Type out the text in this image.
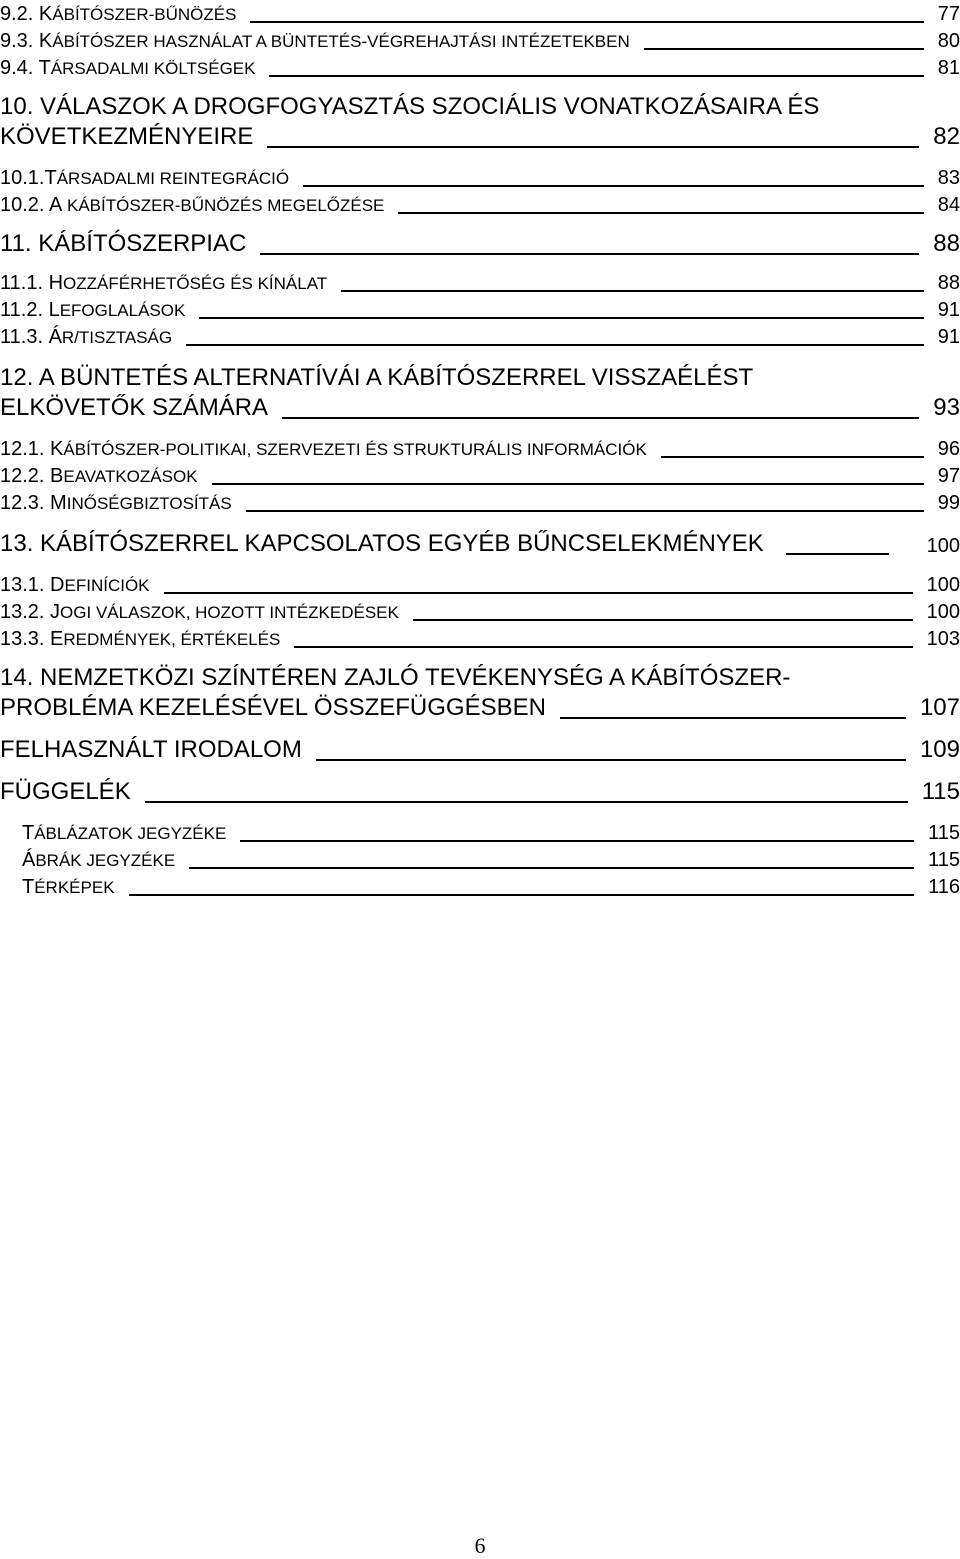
9.2. KÁBÍTÓSZER-BŰNÖZÉS	77
9.3. KÁBÍTÓSZER HASZNÁLAT A BÜNTETÉS-VÉGREHAJTÁSI INTÉZETEKBEN	80
9.4. TÁRSADALMI KÖLTSÉGEK	81
10. VÁLASZOK A DROGFOGYASZTÁS SZOCIÁLIS VONATKOZÁSAIRA ÉS
KÖVETKEZMÉNYEIRE	82
10.1.TÁRSADALMI REINTEGRÁCIÓ	83
10.2. A KÁBÍTÓSZER-BŰNÖZÉS MEGELŐZÉSE	84
11. KÁBÍTÓSZERPIAC	88
11.1. HOZZÁFÉRHETŐSÉG ÉS KÍNÁLAT	88
11.2. LEFOGLALÁSOK	91
11.3. ÁR/TISZTASÁG	91
12. A BÜNTETÉS ALTERNATÍVÁI A KÁBÍTÓSZERREL VISSZAÉLÉST
ELKÖVETŐK SZÁMÁRA	93
12.1. KÁBÍTÓSZER-POLITIKAI, SZERVEZETI ÉS STRUKTURÁLIS INFORMÁCIÓK	96
12.2. BEAVATKOZÁSOK	97
12.3. MINŐSÉGBIZTOSÍTÁS	99
13. KÁBÍTÓSZERREL KAPCSOLATOS EGYÉB BŰNCSELEKMÉNYEK	100
13.1. DEFINÍCIÓK	100
13.2. JOGI VÁLASZOK, HOZOTT INTÉZKEDÉSEK	100
13.3. EREDMÉNYEK, ÉRTÉKELÉS	103
14. NEMZETKÖZI SZÍNTÉREN ZAJLÓ TEVÉKENYSÉG A KÁBÍTÓSZER-
PROBLÉMA KEZELÉSÉVEL ÖSSZEFÜGGÉSBEN	107
FELHASZNÁLT IRODALOM	109
FÜGGELÉK	115
TÁBLÁZATOK JEGYZÉKE	115
ÁBRÁK JEGYZÉKE	115
TÉRKÉPEK	116
6
